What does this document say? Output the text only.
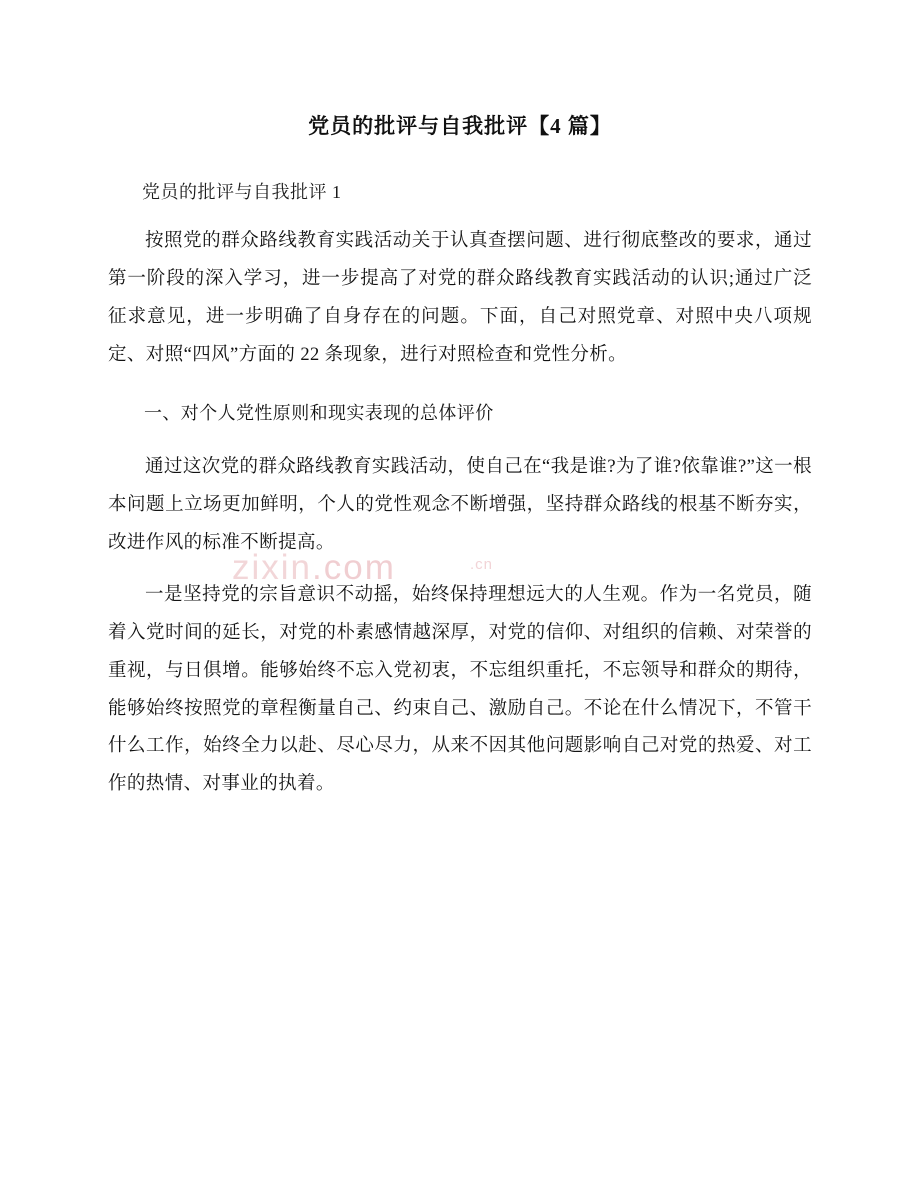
zixin.com	.cn
党员的批评与自我批评【4 篇】

党员的批评与自我批评 1

按照党的群众路线教育实践活动关于认真查摆问题、进行彻底整改的要求，通过第一阶段的深入学习，进一步提高了对党的群众路线教育实践活动的认识;通过广泛征求意见，进一步明确了自身存在的问题。下面，自己对照党章、对照中央八项规定、对照“四风”方面的 22 条现象，进行对照检查和党性分析。

一、对个人党性原则和现实表现的总体评价

通过这次党的群众路线教育实践活动，使自己在“我是谁?为了谁?依靠谁?”这一根本问题上立场更加鲜明，个人的党性观念不断增强，坚持群众路线的根基不断夯实，改进作风的标准不断提高。

一是坚持党的宗旨意识不动摇，始终保持理想远大的人生观。作为一名党员，随着入党时间的延长，对党的朴素感情越深厚，对党的信仰、对组织的信赖、对荣誉的重视，与日俱增。能够始终不忘入党初衷，不忘组织重托，不忘领导和群众的期待，能够始终按照党的章程衡量自己、约束自己、激励自己。不论在什么情况下，不管干什么工作，始终全力以赴、尽心尽力，从来不因其他问题影响自己对党的热爱、对工作的热情、对事业的执着。
